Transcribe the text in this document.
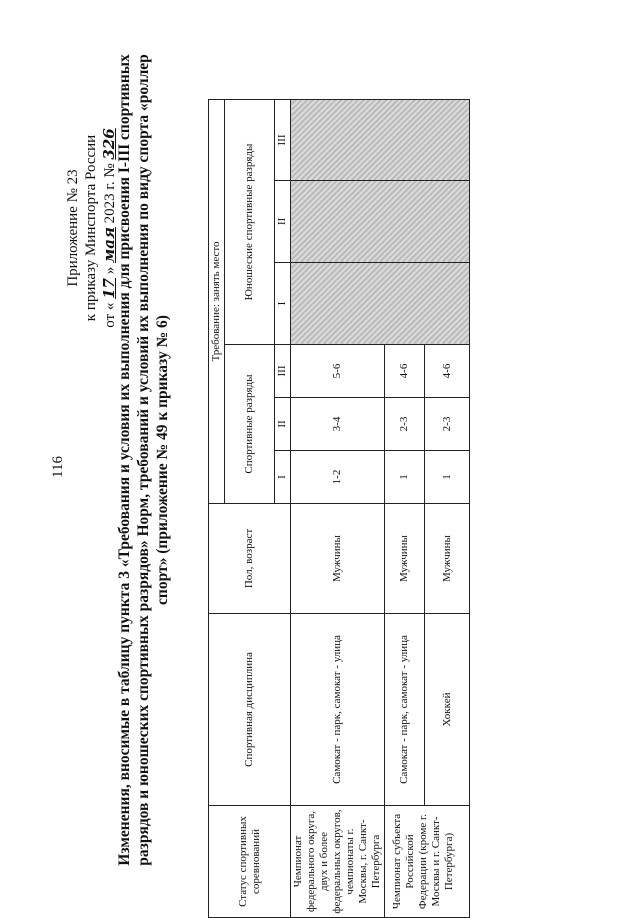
116
Приложение № 23 к приказу Минспорта России от « 17 » мая 2023 г. № 326
Изменения, вносимые в таблицу пункта 3 «Требования и условия их выполнения для присвоения I-III спортивных разрядов и юношеских спортивных разрядов» Норм, требований и условий их выполнения по виду спорта «роллер спорт» (приложение № 49 к приказу № 6)
Статус спортивных соревнований	Спортивная дисциплина	Пол, возраст	Требование: занять место					
			Спортивные разряды			Юношеские спортивные разряды		
			I	II	III	I	II	III
Чемпионат федерального округа, двух и более федеральных округов, чемпионаты г. Москвы, г. Санкт-Петербурга	Самокат - парк, самокат - улица	Мужчины	1-2	3-4	5-6			
Чемпионат субъекта Российской Федерации (кроме г. Москвы и г. Санкт-Петербурга)	Самокат - парк, самокат - улица	Мужчины	1	2-3	4-6			
	Хоккей	Мужчины	1	2-3	4-6			
